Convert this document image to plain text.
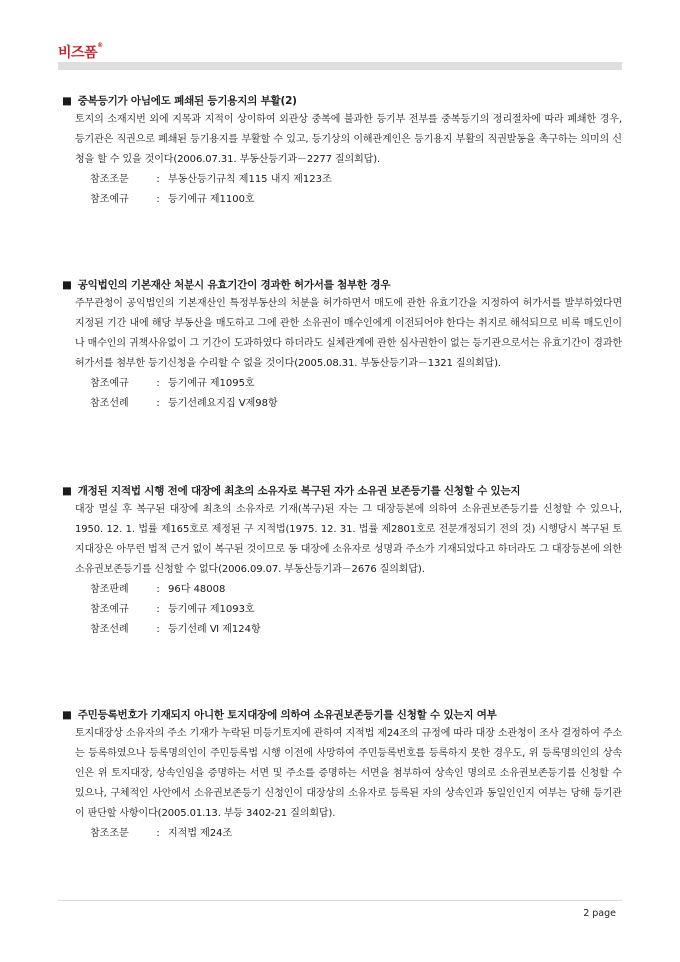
비즈폼®
■ 중복등기가 아님에도 폐쇄된 등기용지의 부활(2)
토지의 소재지번 외에 지목과 지적이 상이하여 외관상 중복에 불과한 등기부 전부를 중복등기의 정리절차에 따라 폐쇄한 경우, 등기관은 직권으로 폐쇄된 등기용지를 부활할 수 있고, 등기상의 이해관계인은 등기용지 부활의 직권발동을 촉구하는 의미의 신청을 할 수 있을 것이다(2006.07.31. 부동산등기과－2277 질의회답).
참조조문	: 부동산등기규칙 제115 내지 제123조
참조예규	: 등기예규 제1100호
■ 공익법인의 기본재산 처분시 유효기간이 경과한 허가서를 첨부한 경우
주무관청이 공익법인의 기본재산인 특정부동산의 처분을 허가하면서 매도에 관한 유효기간을 지정하여 허가서를 발부하였다면 지정된 기간 내에 해당 부동산을 매도하고 그에 관한 소유권이 매수인에게 이전되어야 한다는 취지로 해석되므로 비록 매도인이나 매수인의 귀책사유없이 그 기간이 도과하였다 하더라도 실체관계에 관한 심사권한이 없는 등기관으로서는 유효기간이 경과한 허가서를 첨부한 등기신청을 수리할 수 없을 것이다(2005.08.31. 부동산등기과－1321 질의회답).
참조예규	: 등기예규 제1095호
참조선례	: 등기선례요지집 Ⅴ제98항
■ 개정된 지적법 시행 전에 대장에 최초의 소유자로 복구된 자가 소유권 보존등기를 신청할 수 있는지
대장 멸실 후 복구된 대장에 최초의 소유자로 기재(복구)된 자는 그 대장등본에 의하여 소유권보존등기를 신청할 수 있으나, 1950. 12. 1. 법률 제165호로 제정된 구 지적법(1975. 12. 31. 법률 제2801호로 전문개정되기 전의 것) 시행당시 복구된 토지대장은 아무런 법적 근거 없이 복구된 것이므로 동 대장에 소유자로 성명과 주소가 기재되었다고 하더라도 그 대장등본에 의한 소유권보존등기를 신청할 수 없다(2006.09.07. 부동산등기과－2676 질의회답).
참조판례	: 96다 48008
참조예규	: 등기예규 제1093호
참조선례	: 등기선례 Ⅵ 제124항
■ 주민등록번호가 기재되지 아니한 토지대장에 의하여 소유권보존등기를 신청할 수 있는지 여부
토지대장상 소유자의 주소 기재가 누락된 미등기토지에 관하여 지적법 제24조의 규정에 따라 대장 소관청이 조사 결정하여 주소는 등록하였으나 등록명의인이 주민등록법 시행 이전에 사망하여 주민등록번호를 등록하지 못한 경우도, 위 등록명의인의 상속인은 위 토지대장, 상속인임을 증명하는 서면 및 주소를 증명하는 서면을 첨부하여 상속인 명의로 소유권보존등기를 신청할 수 있으나, 구체적인 사안에서 소유권보존등기 신청인이 대장상의 소유자로 등록된 자의 상속인과 동일인인지 여부는 당해 등기관이 판단할 사항이다(2005.01.13. 부등 3402-21 질의회답).
참조조문	: 지적법 제24조
2 page
